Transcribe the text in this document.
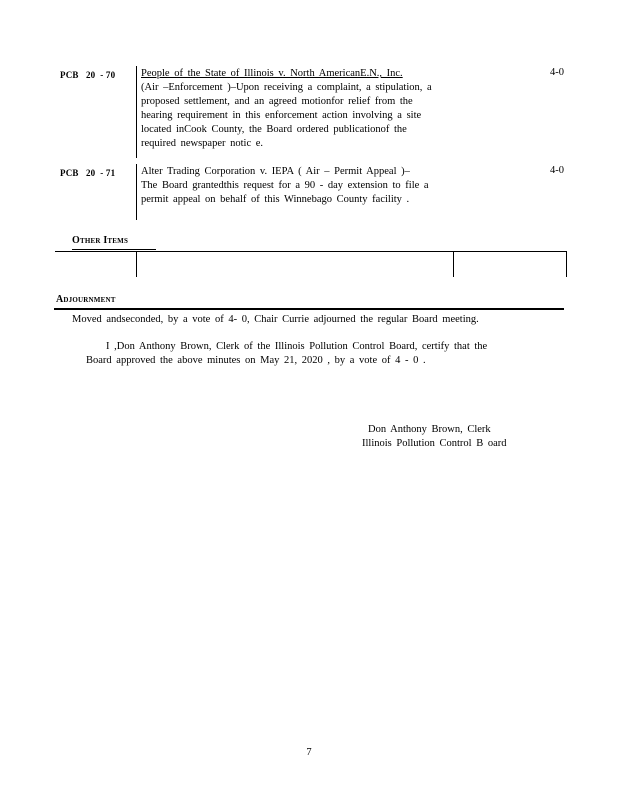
PCB   20  - 70 People of the State of Illinois v. North AmericanE.N., Inc.
(Air –Enforcement )–Upon receiving a complaint, a stipulation, a proposed settlement, and an agreed motionfor relief from the hearing requirement in this enforcement action involving a site located inCook County, the Board ordered publicationof the required newspaper notic e.
4-0
PCB   20  - 71 Alter Trading Corporation v. IEPA ( Air – Permit Appeal )–
The Board grantedthis request for a 90 - day extension to file a permit appeal on behalf of this Winnebago County facility .
4-0
Other Items
Adjournment
Moved andseconded, by a vote of 4- 0, Chair Currie adjourned the regular Board meeting.
I ,Don Anthony Brown, Clerk of the Illinois Pollution Control Board, certify that the
Board approved the above minutes on May 21, 2020 , by a vote of 4 - 0 .
Don Anthony Brown, Clerk
Illinois Pollution Control B oard
7
